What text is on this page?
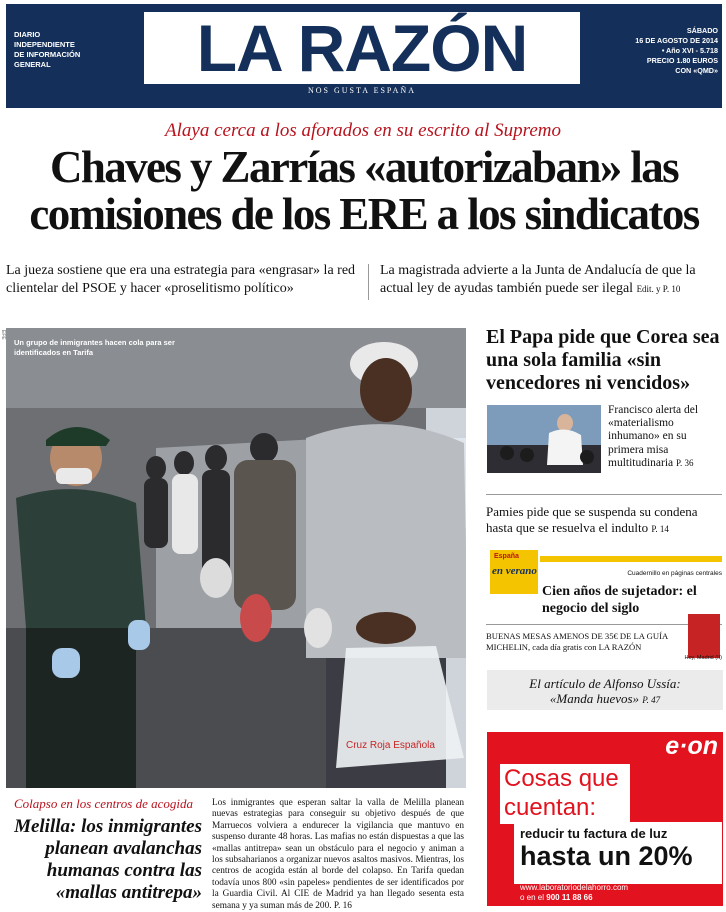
DIARIO
INDEPENDIENTE
DE INFORMACIÓN
GENERAL	LA RAZÓN
NOS GUSTA ESPAÑA
SÁBADO
16 DE AGOSTO DE 2014
• Año XVI - 5.718
PRECIO 1.80 EUROS
CON «QMD»
Alaya cerca a los aforados en su escrito al Supremo
Chaves y Zarrías «autorizaban» las comisiones de los ERE a los sindicatos
La jueza sostiene que era una estrategia para «engrasar» la red clientelar del PSOE y hacer «proselitismo político»
La magistrada advierte a la Junta de Andalucía de que la actual ley de ayudas también puede ser ilegal Edit. y P. 10
Cruz Roja Española
Un grupo de inmigrantes hacen cola para ser identificados en Tarifa
EFE
Colapso en los centros de acogida
Melilla: los inmigrantes planean avalanchas humanas contra las «mallas antitrepa»
Los inmigrantes que esperan saltar la valla de Melilla planean nuevas estrategias para conseguir su objetivo después de que Marruecos volviera a endurecer la vigilancia que mantuvo en suspenso durante 48 horas. Las mafias no están dispuestas a que las «mallas antitrepa» sean un obstáculo para el negocio y animan a los subsaharianos a organizar nuevos asaltos masivos. Mientras, los centros de acogida están al borde del colapso. En Tarifa quedan todavía unos 800 «sin papeles» pendientes de ser identificados por la Guardia Civil. Al CIE de Madrid ya han llegado sesenta esta semana y ya suman más de 200. P. 16
El Papa pide que Corea sea una sola familia «sin vencedores ni vencidos»
Francisco alerta del «materialismo inhumano» en su primera misa multitudinaria P. 36
Pamies pide que se suspenda su condena hasta que se resuelva el indulto P. 14
España
en verano	Cuadernillo en páginas centrales
Cien años de sujetador: el negocio del siglo
BUENAS MESAS AMENOS DE 35€ DE LA GUÍA MICHELIN, cada día gratis con LA RAZÓN
Hoy, Madrid (II)
El artículo de Alfonso Ussía:
«Manda huevos» P. 47
e·on
Cosas que
cuentan:
reducir tu factura de luz
hasta un 20%
www.laboratoriodelahorro.com
o en el 900 11 88 66
